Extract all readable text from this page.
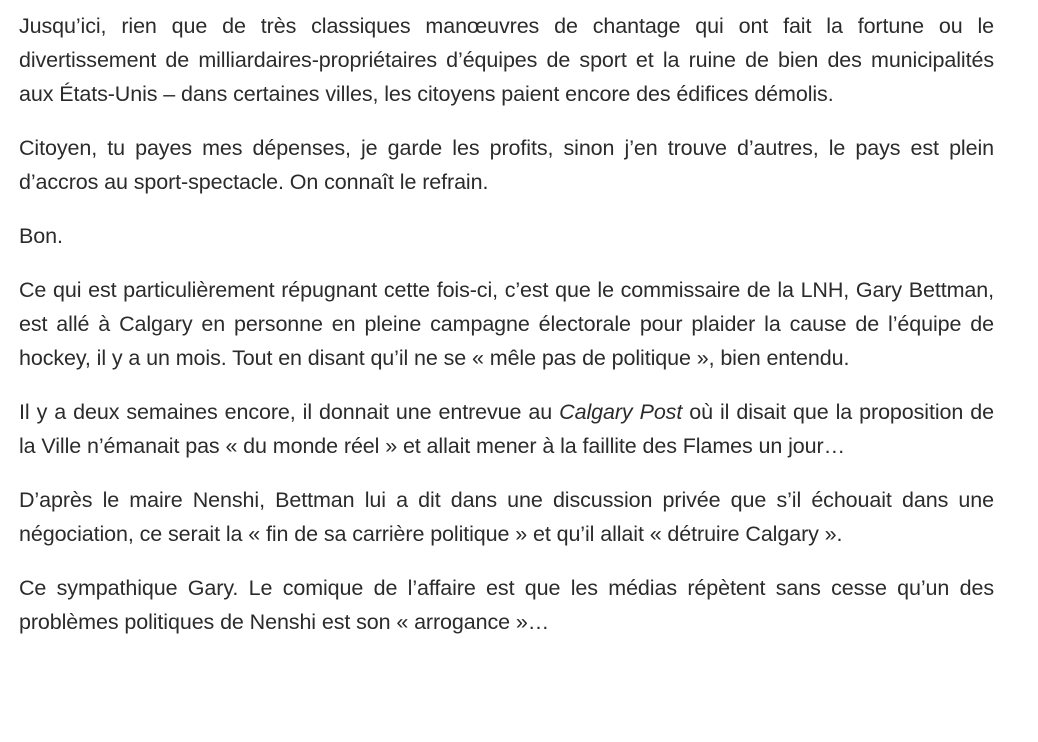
Jusqu’ici, rien que de très classiques manœuvres de chantage qui ont fait la fortune ou le divertissement de milliardaires-propriétaires d’équipes de sport et la ruine de bien des municipalités aux États-Unis – dans certaines villes, les citoyens paient encore des édifices démolis.

Citoyen, tu payes mes dépenses, je garde les profits, sinon j’en trouve d’autres, le pays est plein d’accros au sport-spectacle. On connaît le refrain.

Bon.

Ce qui est particulièrement répugnant cette fois-ci, c’est que le commissaire de la LNH, Gary Bettman, est allé à Calgary en personne en pleine campagne électorale pour plaider la cause de l’équipe de hockey, il y a un mois. Tout en disant qu’il ne se « mêle pas de politique », bien entendu.

Il y a deux semaines encore, il donnait une entrevue au Calgary Post où il disait que la proposition de la Ville n’émanait pas « du monde réel » et allait mener à la faillite des Flames un jour…

D’après le maire Nenshi, Bettman lui a dit dans une discussion privée que s’il échouait dans une négociation, ce serait la « fin de sa carrière politique » et qu’il allait « détruire Calgary ».

Ce sympathique Gary. Le comique de l’affaire est que les médias répètent sans cesse qu’un des problèmes politiques de Nenshi est son « arrogance »…
